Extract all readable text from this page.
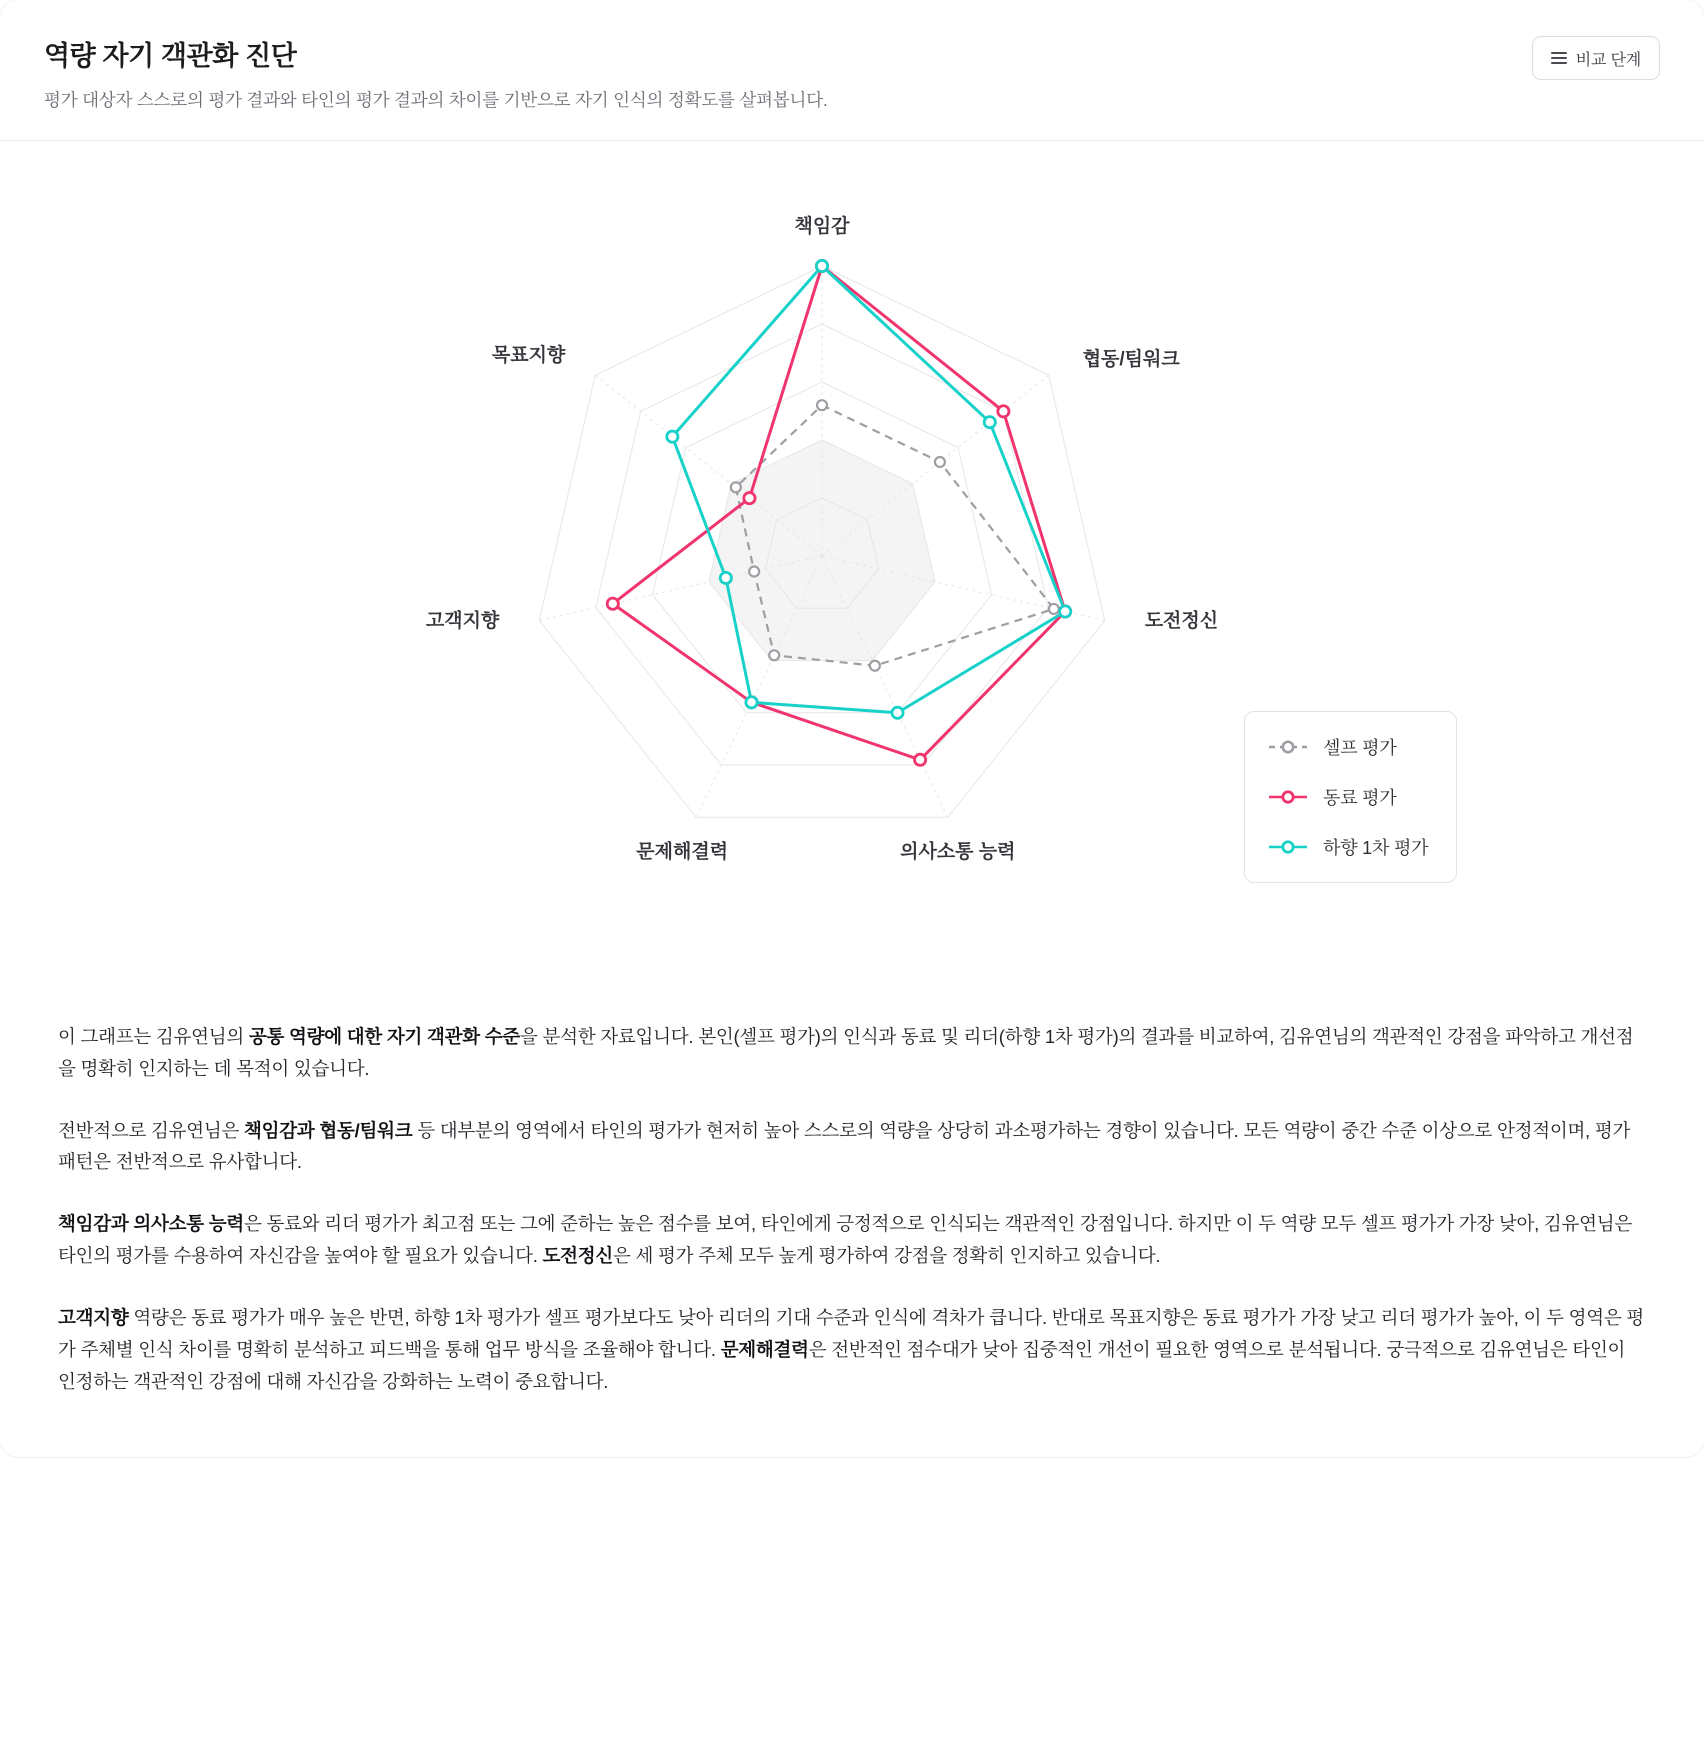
역량 자기 객관화 진단

평가 대상자 스스로의 평가 결과와 타인의 평가 결과의 차이를 기반으로 자기 인식의 정확도를 살펴봅니다.

비교 단계
책임감
협동/팀워크
도전정신
의사소통 능력
문제해결력
고객지향
목표지향
셀프 평가
동료 평가
하향 1차 평가

이 그래프는 김유연님의 공통 역량에 대한 자기 객관화 수준을 분석한 자료입니다. 본인(셀프 평가)의 인식과 동료 및 리더(하향 1차 평가)의 결과를 비교하여, 김유연님의 객관적인 강점을 파악하고 개선점을 명확히 인지하는 데 목적이 있습니다.

전반적으로 김유연님은 책임감과 협동/팀워크 등 대부분의 영역에서 타인의 평가가 현저히 높아 스스로의 역량을 상당히 과소평가하는 경향이 있습니다. 모든 역량이 중간 수준 이상으로 안정적이며, 평가 패턴은 전반적으로 유사합니다.

책임감과 의사소통 능력은 동료와 리더 평가가 최고점 또는 그에 준하는 높은 점수를 보여, 타인에게 긍정적으로 인식되는 객관적인 강점입니다. 하지만 이 두 역량 모두 셀프 평가가 가장 낮아, 김유연님은 타인의 평가를 수용하여 자신감을 높여야 할 필요가 있습니다. 도전정신은 세 평가 주체 모두 높게 평가하여 강점을 정확히 인지하고 있습니다.

고객지향 역량은 동료 평가가 매우 높은 반면, 하향 1차 평가가 셀프 평가보다도 낮아 리더의 기대 수준과 인식에 격차가 큽니다. 반대로 목표지향은 동료 평가가 가장 낮고 리더 평가가 높아, 이 두 영역은 평가 주체별 인식 차이를 명확히 분석하고 피드백을 통해 업무 방식을 조율해야 합니다. 문제해결력은 전반적인 점수대가 낮아 집중적인 개선이 필요한 영역으로 분석됩니다. 궁극적으로 김유연님은 타인이 인정하는 객관적인 강점에 대해 자신감을 강화하는 노력이 중요합니다.
